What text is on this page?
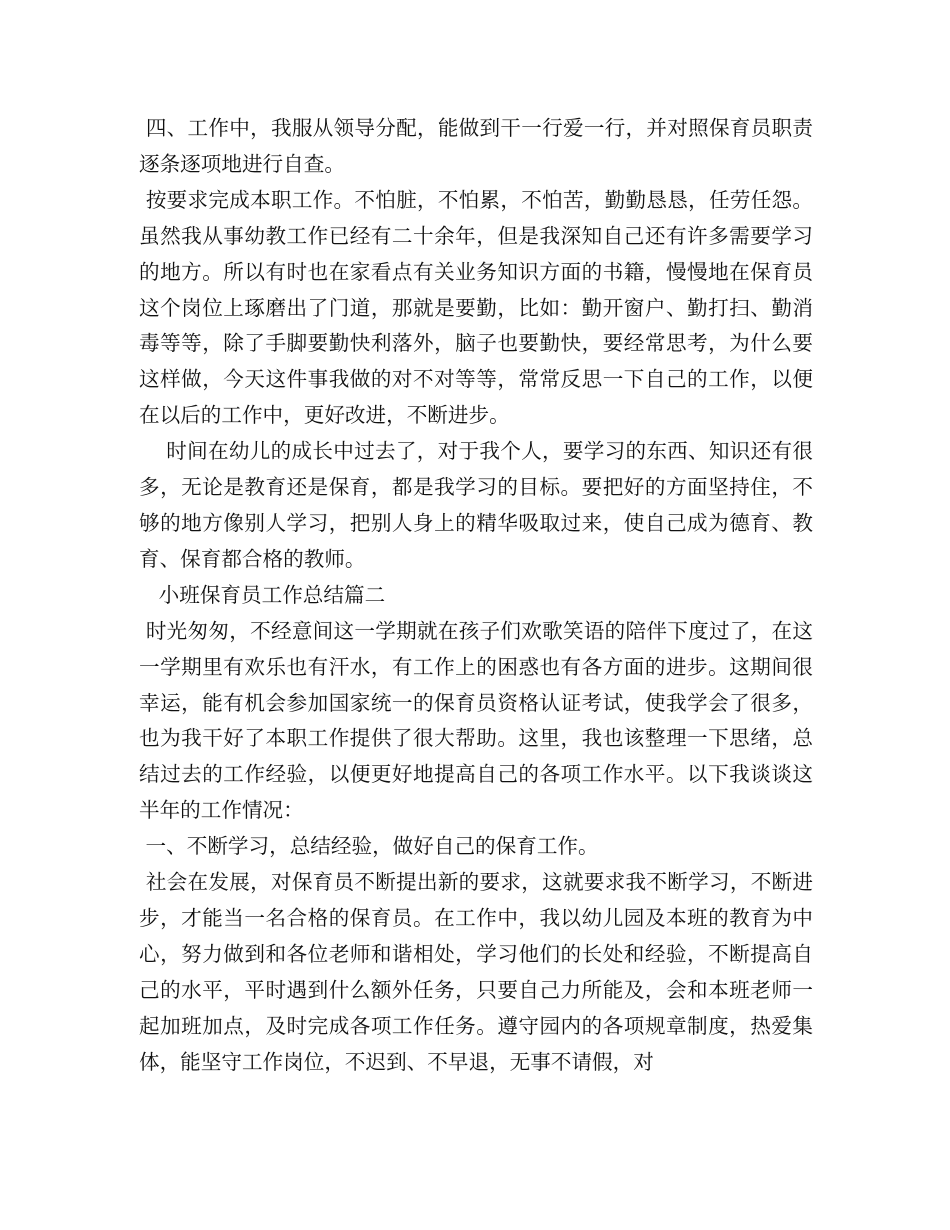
四、工作中，我服从领导分配，能做到干一行爱一行，并对照保育员职责逐条逐项地进行自查。

按要求完成本职工作。不怕脏，不怕累，不怕苦，勤勤恳恳，任劳任怨。  虽然我从事幼教工作已经有二十余年，但是我深知自己还有许多需要学习的地方。所以有时也在家看点有关业务知识方面的书籍，慢慢地在保育员这个岗位上琢磨出了门道，那就是要勤，比如：勤开窗户、勤打扫、勤消毒等等，除了手脚要勤快利落外，脑子也要勤快，要经常思考，为什么要这样做，今天这件事我做的对不对等等，常常反思一下自己的工作，以便在以后的工作中，更好改进，不断进步。

时间在幼儿的成长中过去了，对于我个人，要学习的东西、知识还有很多，无论是教育还是保育，都是我学习的目标。要把好的方面坚持住，不够的地方像别人学习，把别人身上的精华吸取过来，使自己成为德育、教育、保育都合格的教师。

小班保育员工作总结篇二

时光匆匆，不经意间这一学期就在孩子们欢歌笑语的陪伴下度过了，在这一学期里有欢乐也有汗水，有工作上的困惑也有各方面的进步。这期间很幸运，能有机会参加国家统一的保育员资格认证考试，使我学会了很多，也为我干好了本职工作提供了很大帮助。这里，我也该整理一下思绪，总结过去的工作经验，以便更好地提高自己的各项工作水平。以下我谈谈这半年的工作情况：

一、不断学习，总结经验，做好自己的保育工作。

社会在发展，对保育员不断提出新的要求，这就要求我不断学习，不断进步，才能当一名合格的保育员。在工作中，我以幼儿园及本班的教育为中心，努力做到和各位老师和谐相处，学习他们的长处和经验，不断提高自己的水平，平时遇到什么额外任务，只要自己力所能及，会和本班老师一起加班加点，及时完成各项工作任务。遵守园内的各项规章制度，热爱集体，能坚守工作岗位，不迟到、不早退，无事不请假，对
